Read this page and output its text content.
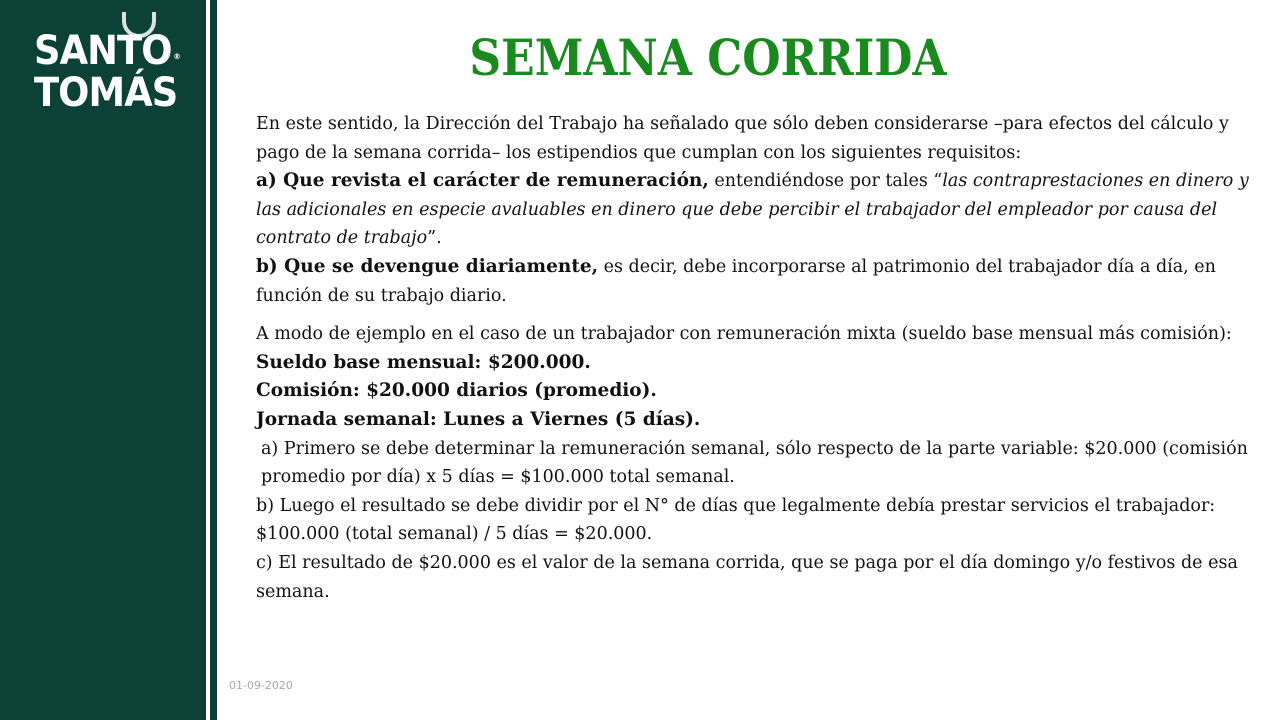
SANTO ®
TOMÁS
SEMANA CORRIDA

En este sentido, la Dirección del Trabajo ha señalado que sólo deben considerarse –para efectos del cálculo y pago de la semana corrida– los estipendios que cumplan con los siguientes requisitos:

a) Que revista el carácter de remuneración, entendiéndose por tales “las contraprestaciones en dinero y las adicionales en especie avaluables en dinero que debe percibir el trabajador del empleador por causa del contrato de trabajo”.

b) Que se devengue diariamente, es decir, debe incorporarse al patrimonio del trabajador día a día, en función de su trabajo diario.

A modo de ejemplo en el caso de un trabajador con remuneración mixta (sueldo base mensual más comisión):

Sueldo base mensual: $200.000.

Comisión: $20.000 diarios (promedio).

Jornada semanal: Lunes a Viernes (5 días).

a) Primero se debe determinar la remuneración semanal, sólo respecto de la parte variable: $20.000 (comisión promedio por día) x 5 días = $100.000 total semanal.

b) Luego el resultado se debe dividir por el N° de días que legalmente debía prestar servicios el trabajador: $100.000 (total semanal) / 5 días = $20.000.

c) El resultado de $20.000 es el valor de la semana corrida, que se paga por el día domingo y/o festivos de esa semana.

01-09-2020
